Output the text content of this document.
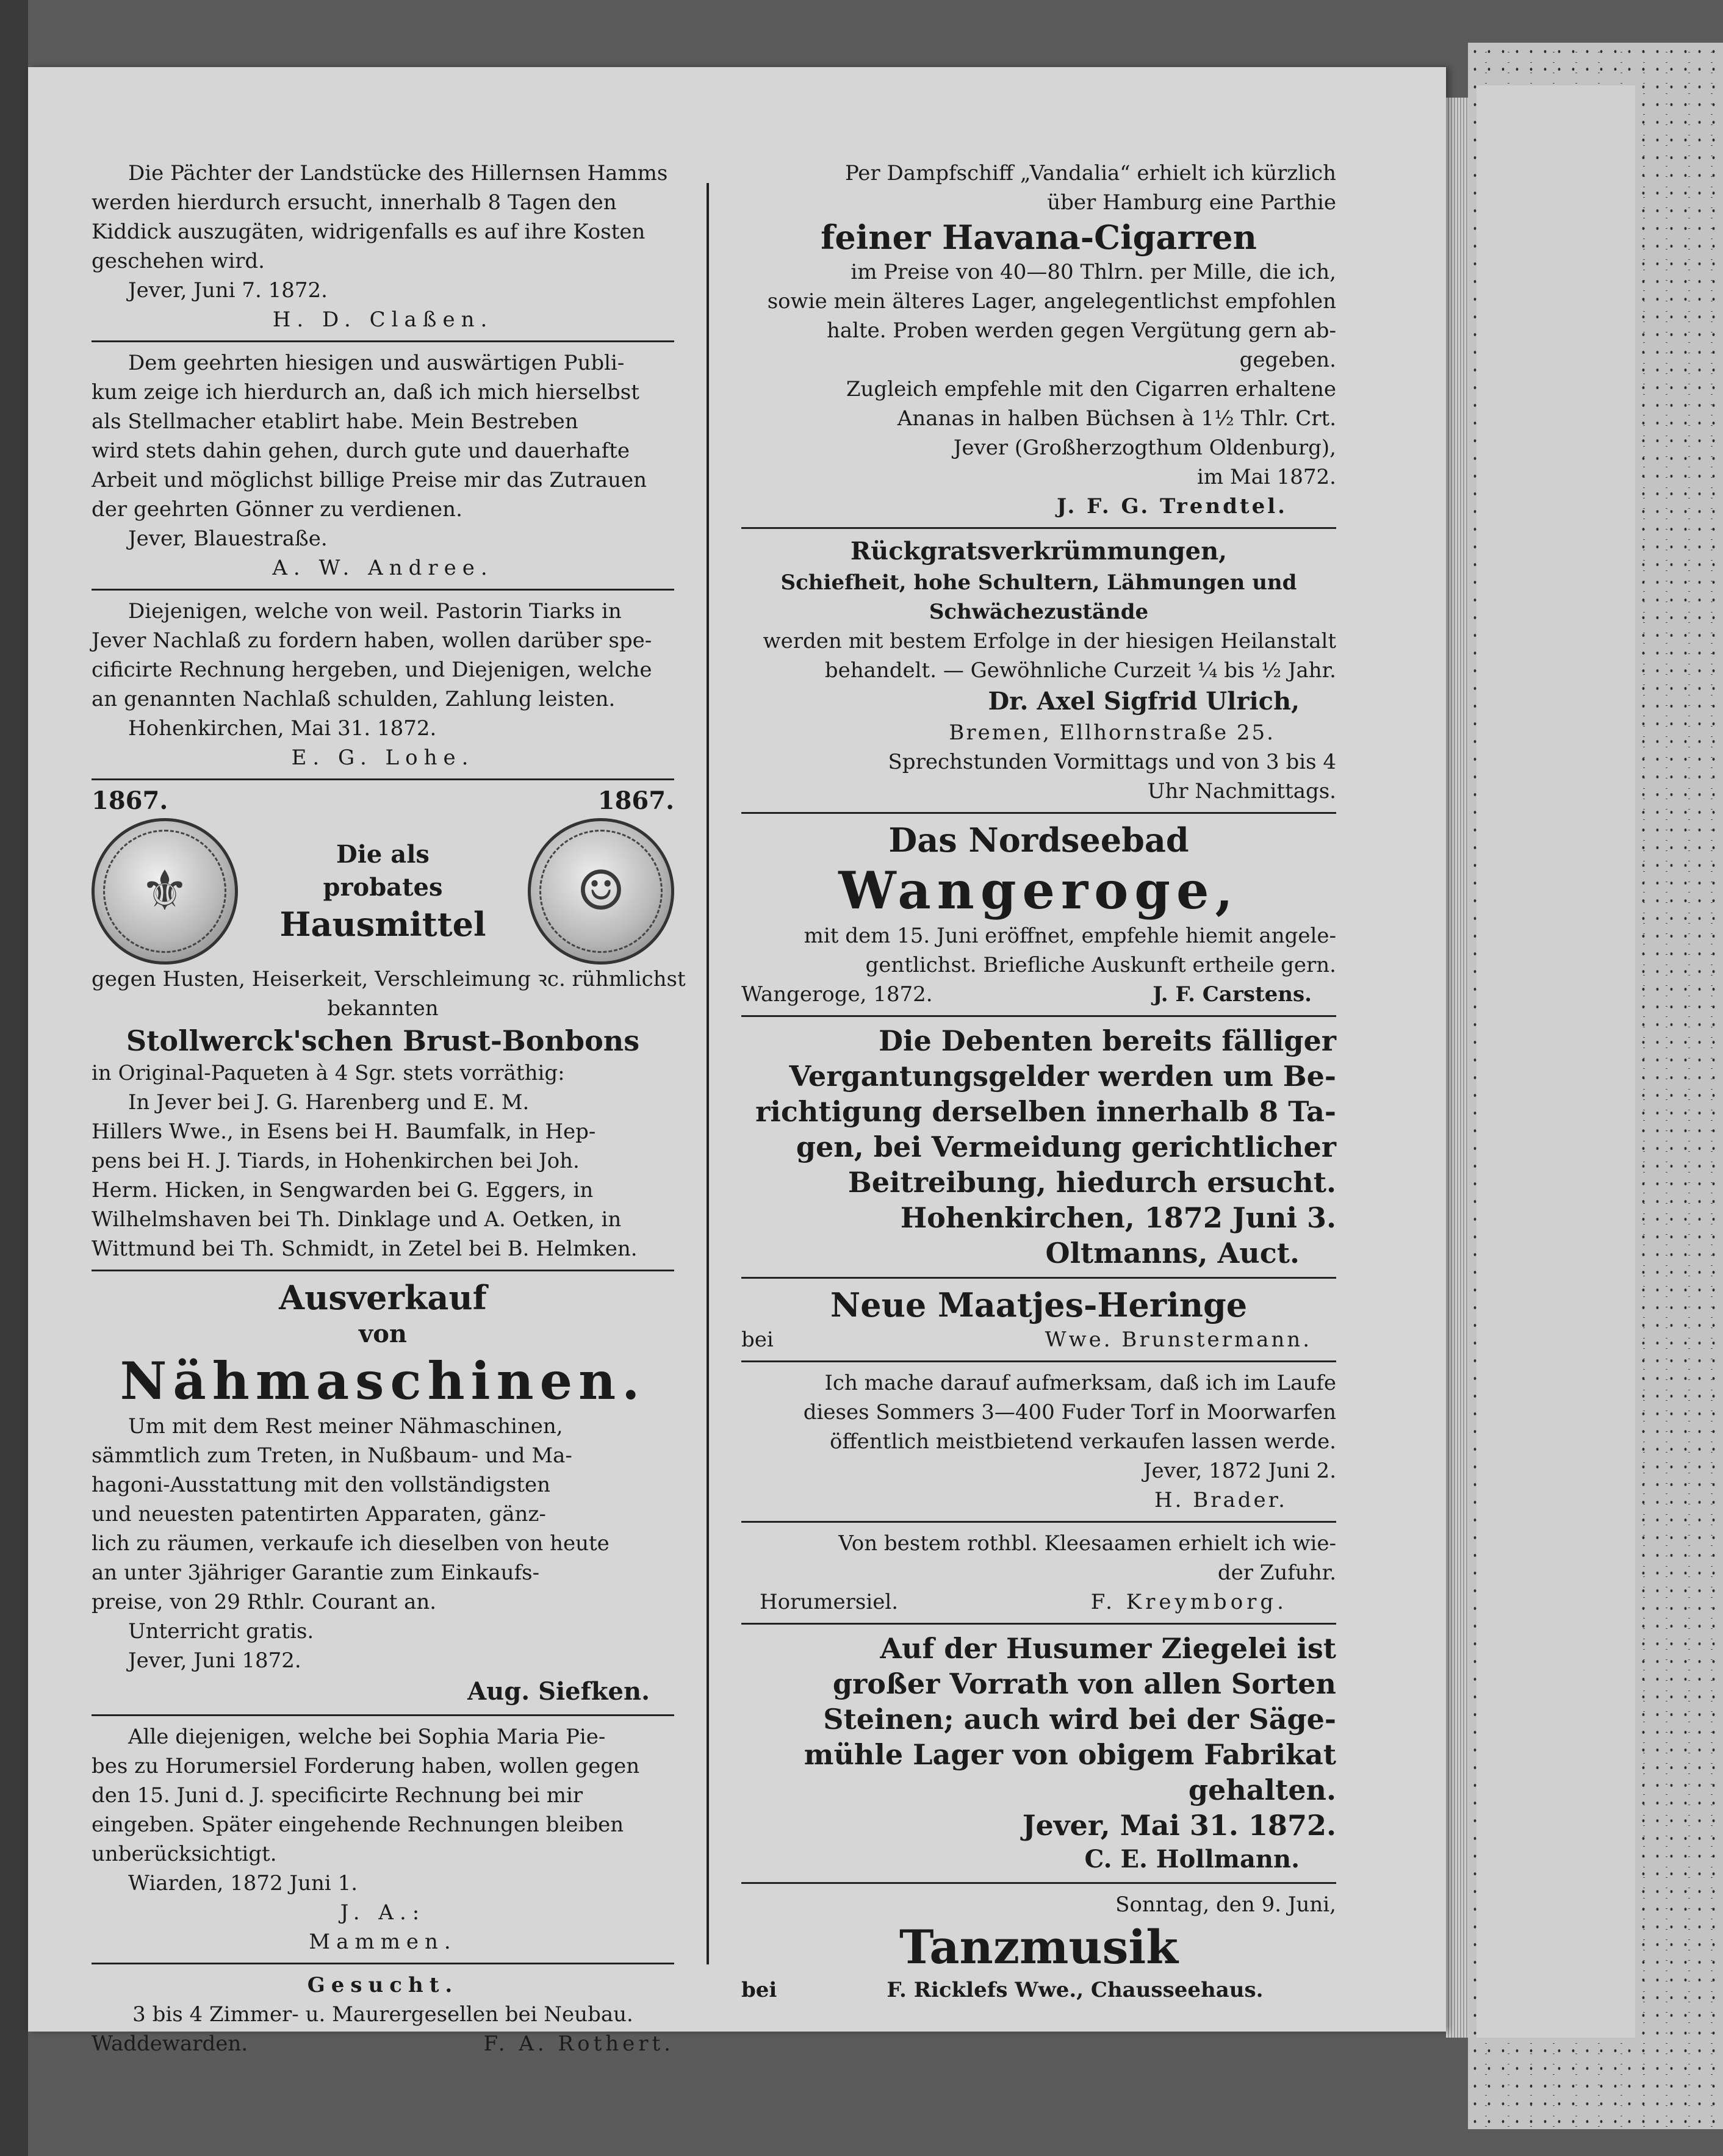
Die Pächter der Landstücke des Hillernsen Hamms
werden hierdurch ersucht, innerhalb 8 Tagen den
Kiddick auszugäten, widrigenfalls es auf ihre Kosten
geschehen wird.
Jever, Juni 7. 1872.
H. D. Claßen.
Dem geehrten hiesigen und auswärtigen Publi-
kum zeige ich hierdurch an, daß ich mich hierselbst
als Stellmacher etablirt habe. Mein Bestreben
wird stets dahin gehen, durch gute und dauerhafte
Arbeit und möglichst billige Preise mir das Zutrauen
der geehrten Gönner zu verdienen.
Jever, Blauestraße.
A. W. Andree.
Diejenigen, welche von weil. Pastorin Tiarks in
Jever Nachlaß zu fordern haben, wollen darüber spe-
cificirte Rechnung hergeben, und Diejenigen, welche
an genannten Nachlaß schulden, Zahlung leisten.
Hohenkirchen, Mai 31. 1872.
E. G. Lohe.
1867.	1867.
⚜
Die als
probates
Hausmittel
☺
gegen Husten, Heiserkeit, Verschleimung ꝛc. rühmlichst
bekannten
Stollwerck'schen Brust-Bonbons
in Original-Paqueten à 4 Sgr. stets vorräthig:
In Jever bei J. G. Harenberg und E. M.
Hillers Wwe., in Esens bei H. Baumfalk, in Hep-
pens bei H. J. Tiards, in Hohenkirchen bei Joh.
Herm. Hicken, in Sengwarden bei G. Eggers, in
Wilhelmshaven bei Th. Dinklage und A. Oetken, in
Wittmund bei Th. Schmidt, in Zetel bei B. Helmken.
Ausverkauf
von
Nähmaschinen.
Um mit dem Rest meiner Nähmaschinen,
sämmtlich zum Treten, in Nußbaum- und Ma-
hagoni-Ausstattung mit den vollständigsten
und neuesten patentirten Apparaten, gänz-
lich zu räumen, verkaufe ich dieselben von heute
an unter 3jähriger Garantie zum Einkaufs-
preise, von 29 Rthlr. Courant an.
Unterricht gratis.
Jever, Juni 1872.
Aug. Siefken.
Alle diejenigen, welche bei Sophia Maria Pie-
bes zu Horumersiel Forderung haben, wollen gegen
den 15. Juni d. J. specificirte Rechnung bei mir
eingeben. Später eingehende Rechnungen bleiben
unberücksichtigt.
Wiarden, 1872 Juni 1.
J. A.:
Mammen.
Gesucht.
3 bis 4 Zimmer- u. Maurergesellen bei Neubau.
Waddewarden.	F. A. Rothert.
Per Dampfschiff „Vandalia“ erhielt ich kürzlich
über Hamburg eine Parthie
feiner Havana-Cigarren
im Preise von 40—80 Thlrn. per Mille, die ich,
sowie mein älteres Lager, angelegentlichst empfohlen
halte. Proben werden gegen Vergütung gern ab-
gegeben.
Zugleich empfehle mit den Cigarren erhaltene
Ananas in halben Büchsen à 1½ Thlr. Crt.
Jever (Großherzogthum Oldenburg),
im Mai 1872.
J. F. G. Trendtel.
Rückgratsverkrümmungen,
Schiefheit, hohe Schultern, Lähmungen und
Schwächezustände
werden mit bestem Erfolge in der hiesigen Heilanstalt
behandelt. — Gewöhnliche Curzeit ¼ bis ½ Jahr.
Dr. Axel Sigfrid Ulrich,
Bremen, Ellhornstraße 25.
Sprechstunden Vormittags und von 3 bis 4
Uhr Nachmittags.
Das Nordseebad
Wangeroge,
mit dem 15. Juni eröffnet, empfehle hiemit angele-
gentlichst. Briefliche Auskunft ertheile gern.
Wangeroge, 1872.	J. F. Carstens.
Die Debenten bereits fälliger
Vergantungsgelder werden um Be-
richtigung derselben innerhalb 8 Ta-
gen, bei Vermeidung gerichtlicher
Beitreibung, hiedurch ersucht.
Hohenkirchen, 1872 Juni 3.
Oltmanns, Auct.
Neue Maatjes-Heringe
bei	Wwe. Brunstermann.
Ich mache darauf aufmerksam, daß ich im Laufe
dieses Sommers 3—400 Fuder Torf in Moorwarfen
öffentlich meistbietend verkaufen lassen werde.
Jever, 1872 Juni 2.
H. Brader.
Von bestem rothbl. Kleesaamen erhielt ich wie-
der Zufuhr.
Horumersiel.	F. Kreymborg.
Auf der Husumer Ziegelei ist
großer Vorrath von allen Sorten
Steinen; auch wird bei der Säge-
mühle Lager von obigem Fabrikat
gehalten.
Jever, Mai 31. 1872.
C. E. Hollmann.
Sonntag, den 9. Juni,
Tanzmusik
bei	F. Ricklefs Wwe., Chausseehaus.
